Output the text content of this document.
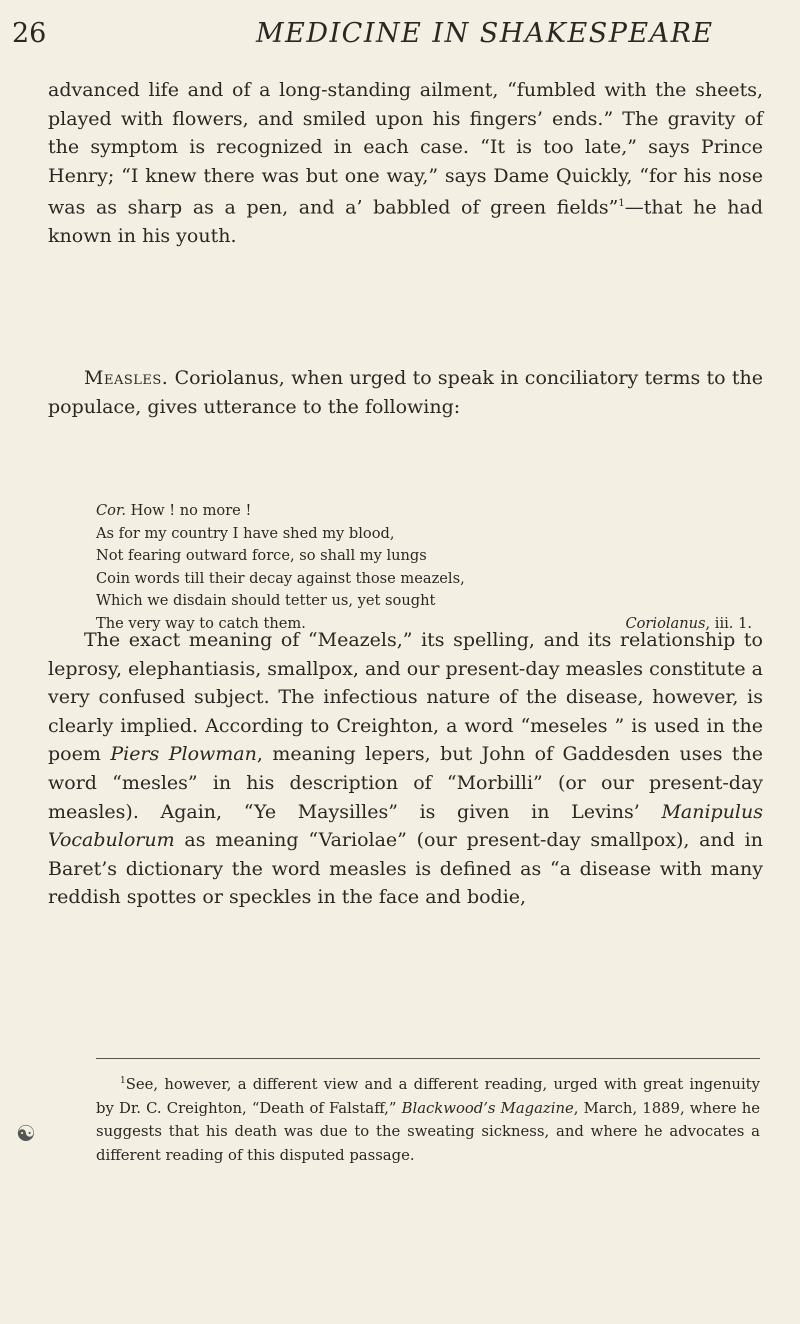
26	MEDICINE IN SHAKESPEARE
advanced life and of a long-standing ailment, “fumbled with the sheets, played with flowers, and smiled upon his fingers’ ends.” The gravity of the symptom is recognized in each case. “It is too late,” says Prince Henry; “I knew there was but one way,” says Dame Quickly, “for his nose was as sharp as a pen, and a’ babbled of green fields”$^1$—that he had known in his youth.
Measles. Coriolanus, when urged to speak in conciliatory terms to the populace, gives utterance to the following:
Cor. How ! no more !
As for my country I have shed my blood,
Not fearing outward force, so shall my lungs
Coin words till their decay against those meazels,
Which we disdain should tetter us, yet sought
The very way to catch them.	Coriolanus, iii. 1.
The exact meaning of “Meazels,” its spelling, and its relationship to leprosy, elephantiasis, smallpox, and our present-day measles constitute a very confused subject. The infectious nature of the disease, however, is clearly implied. According to Creighton, a word “meseles ” is used in the poem Piers Plowman, meaning lepers, but John of Gaddesden uses the word “mesles” in his description of “Morbilli” (or our present-day measles). Again, “Ye Maysilles” is given in Levins’ Manipulus Vocabulorum as meaning “Variolae” (our present-day smallpox), and in Baret’s dictionary the word measles is defined as “a disease with many reddish spottes or speckles in the face and bodie,
$^1$See, however, a different view and a different reading, urged with great ingenuity by Dr. C. Creighton, “Death of Falstaff,” Blackwood’s Magazine, March, 1889, where he suggests that his death was due to the sweating sickness, and where he advocates a different reading of this disputed passage.
☯
